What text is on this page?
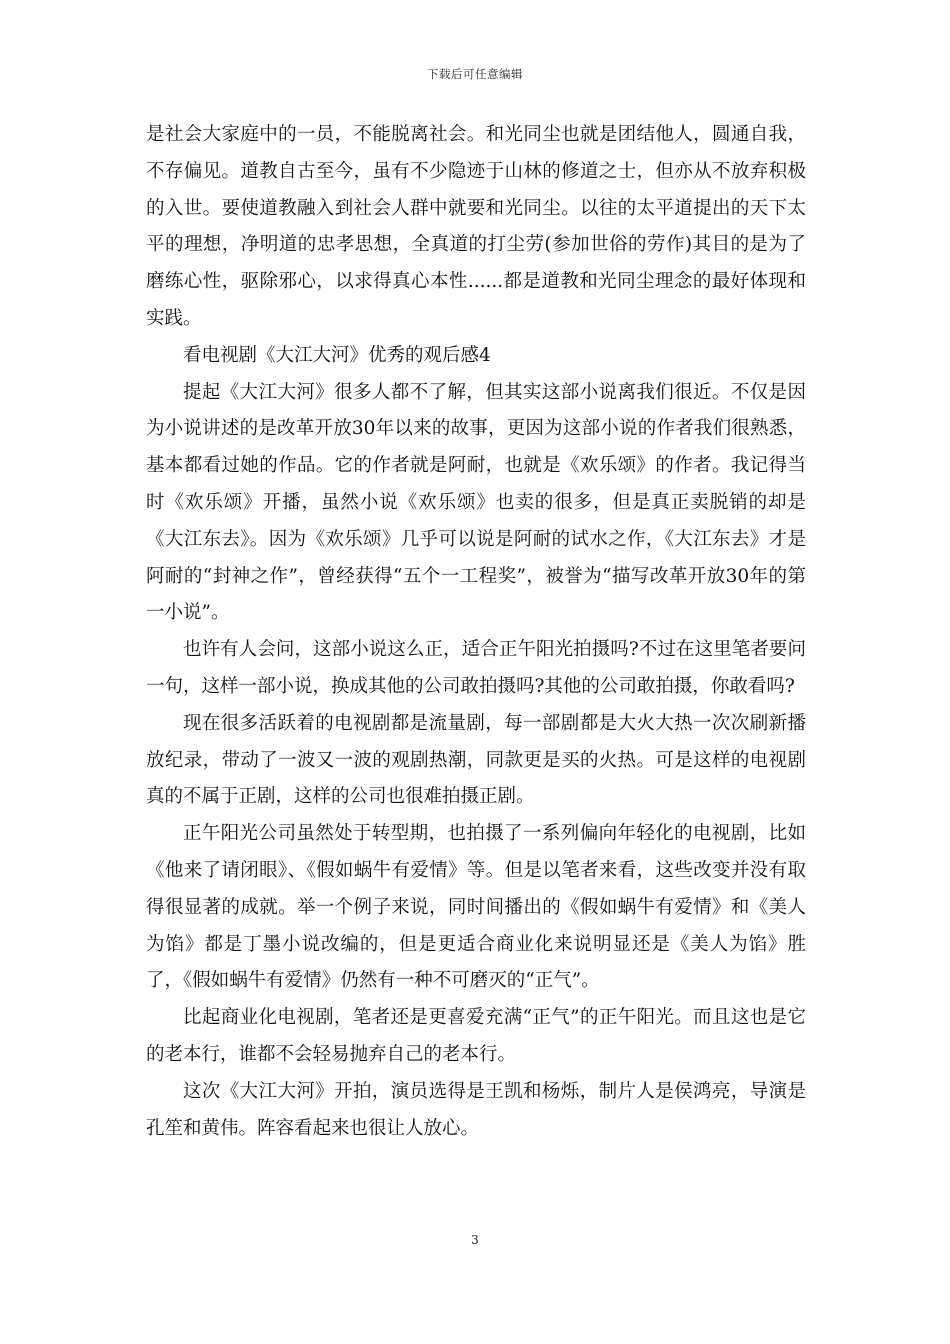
下载后可任意编辑

是社会大家庭中的一员，不能脱离社会。和光同尘也就是团结他人，圆通自我，不存偏见。道教自古至今，虽有不少隐迹于山林的修道之士，但亦从不放弃积极的入世。要使道教融入到社会人群中就要和光同尘。以往的太平道提出的天下太平的理想，净明道的忠孝思想，全真道的打尘劳(参加世俗的劳作)其目的是为了磨练心性，驱除邪心，以求得真心本性......都是道教和光同尘理念的最好体现和实践。

看电视剧《大江大河》优秀的观后感4

提起《大江大河》很多人都不了解，但其实这部小说离我们很近。不仅是因为小说讲述的是改革开放30年以来的故事，更因为这部小说的作者我们很熟悉，基本都看过她的作品。它的作者就是阿耐，也就是《欢乐颂》的作者。我记得当时《欢乐颂》开播，虽然小说《欢乐颂》也卖的很多，但是真正卖脱销的却是《大江东去》。因为《欢乐颂》几乎可以说是阿耐的试水之作，《大江东去》才是阿耐的“封神之作”，曾经获得“五个一工程奖”，被誉为“描写改革开放30年的第一小说”。

也许有人会问，这部小说这么正，适合正午阳光拍摄吗?不过在这里笔者要问一句，这样一部小说，换成其他的公司敢拍摄吗?其他的公司敢拍摄，你敢看吗?

现在很多活跃着的电视剧都是流量剧，每一部剧都是大火大热一次次刷新播放纪录，带动了一波又一波的观剧热潮，同款更是买的火热。可是这样的电视剧真的不属于正剧，这样的公司也很难拍摄正剧。

正午阳光公司虽然处于转型期，也拍摄了一系列偏向年轻化的电视剧，比如《他来了请闭眼》、《假如蜗牛有爱情》等。但是以笔者来看，这些改变并没有取得很显著的成就。举一个例子来说，同时间播出的《假如蜗牛有爱情》和《美人为馅》都是丁墨小说改编的，但是更适合商业化来说明显还是《美人为馅》胜了，《假如蜗牛有爱情》仍然有一种不可磨灭的“正气”。

比起商业化电视剧，笔者还是更喜爱充满“正气”的正午阳光。而且这也是它的老本行，谁都不会轻易抛弃自己的老本行。

这次《大江大河》开拍，演员选得是王凯和杨烁，制片人是侯鸿亮，导演是孔笙和黄伟。阵容看起来也很让人放心。

3
